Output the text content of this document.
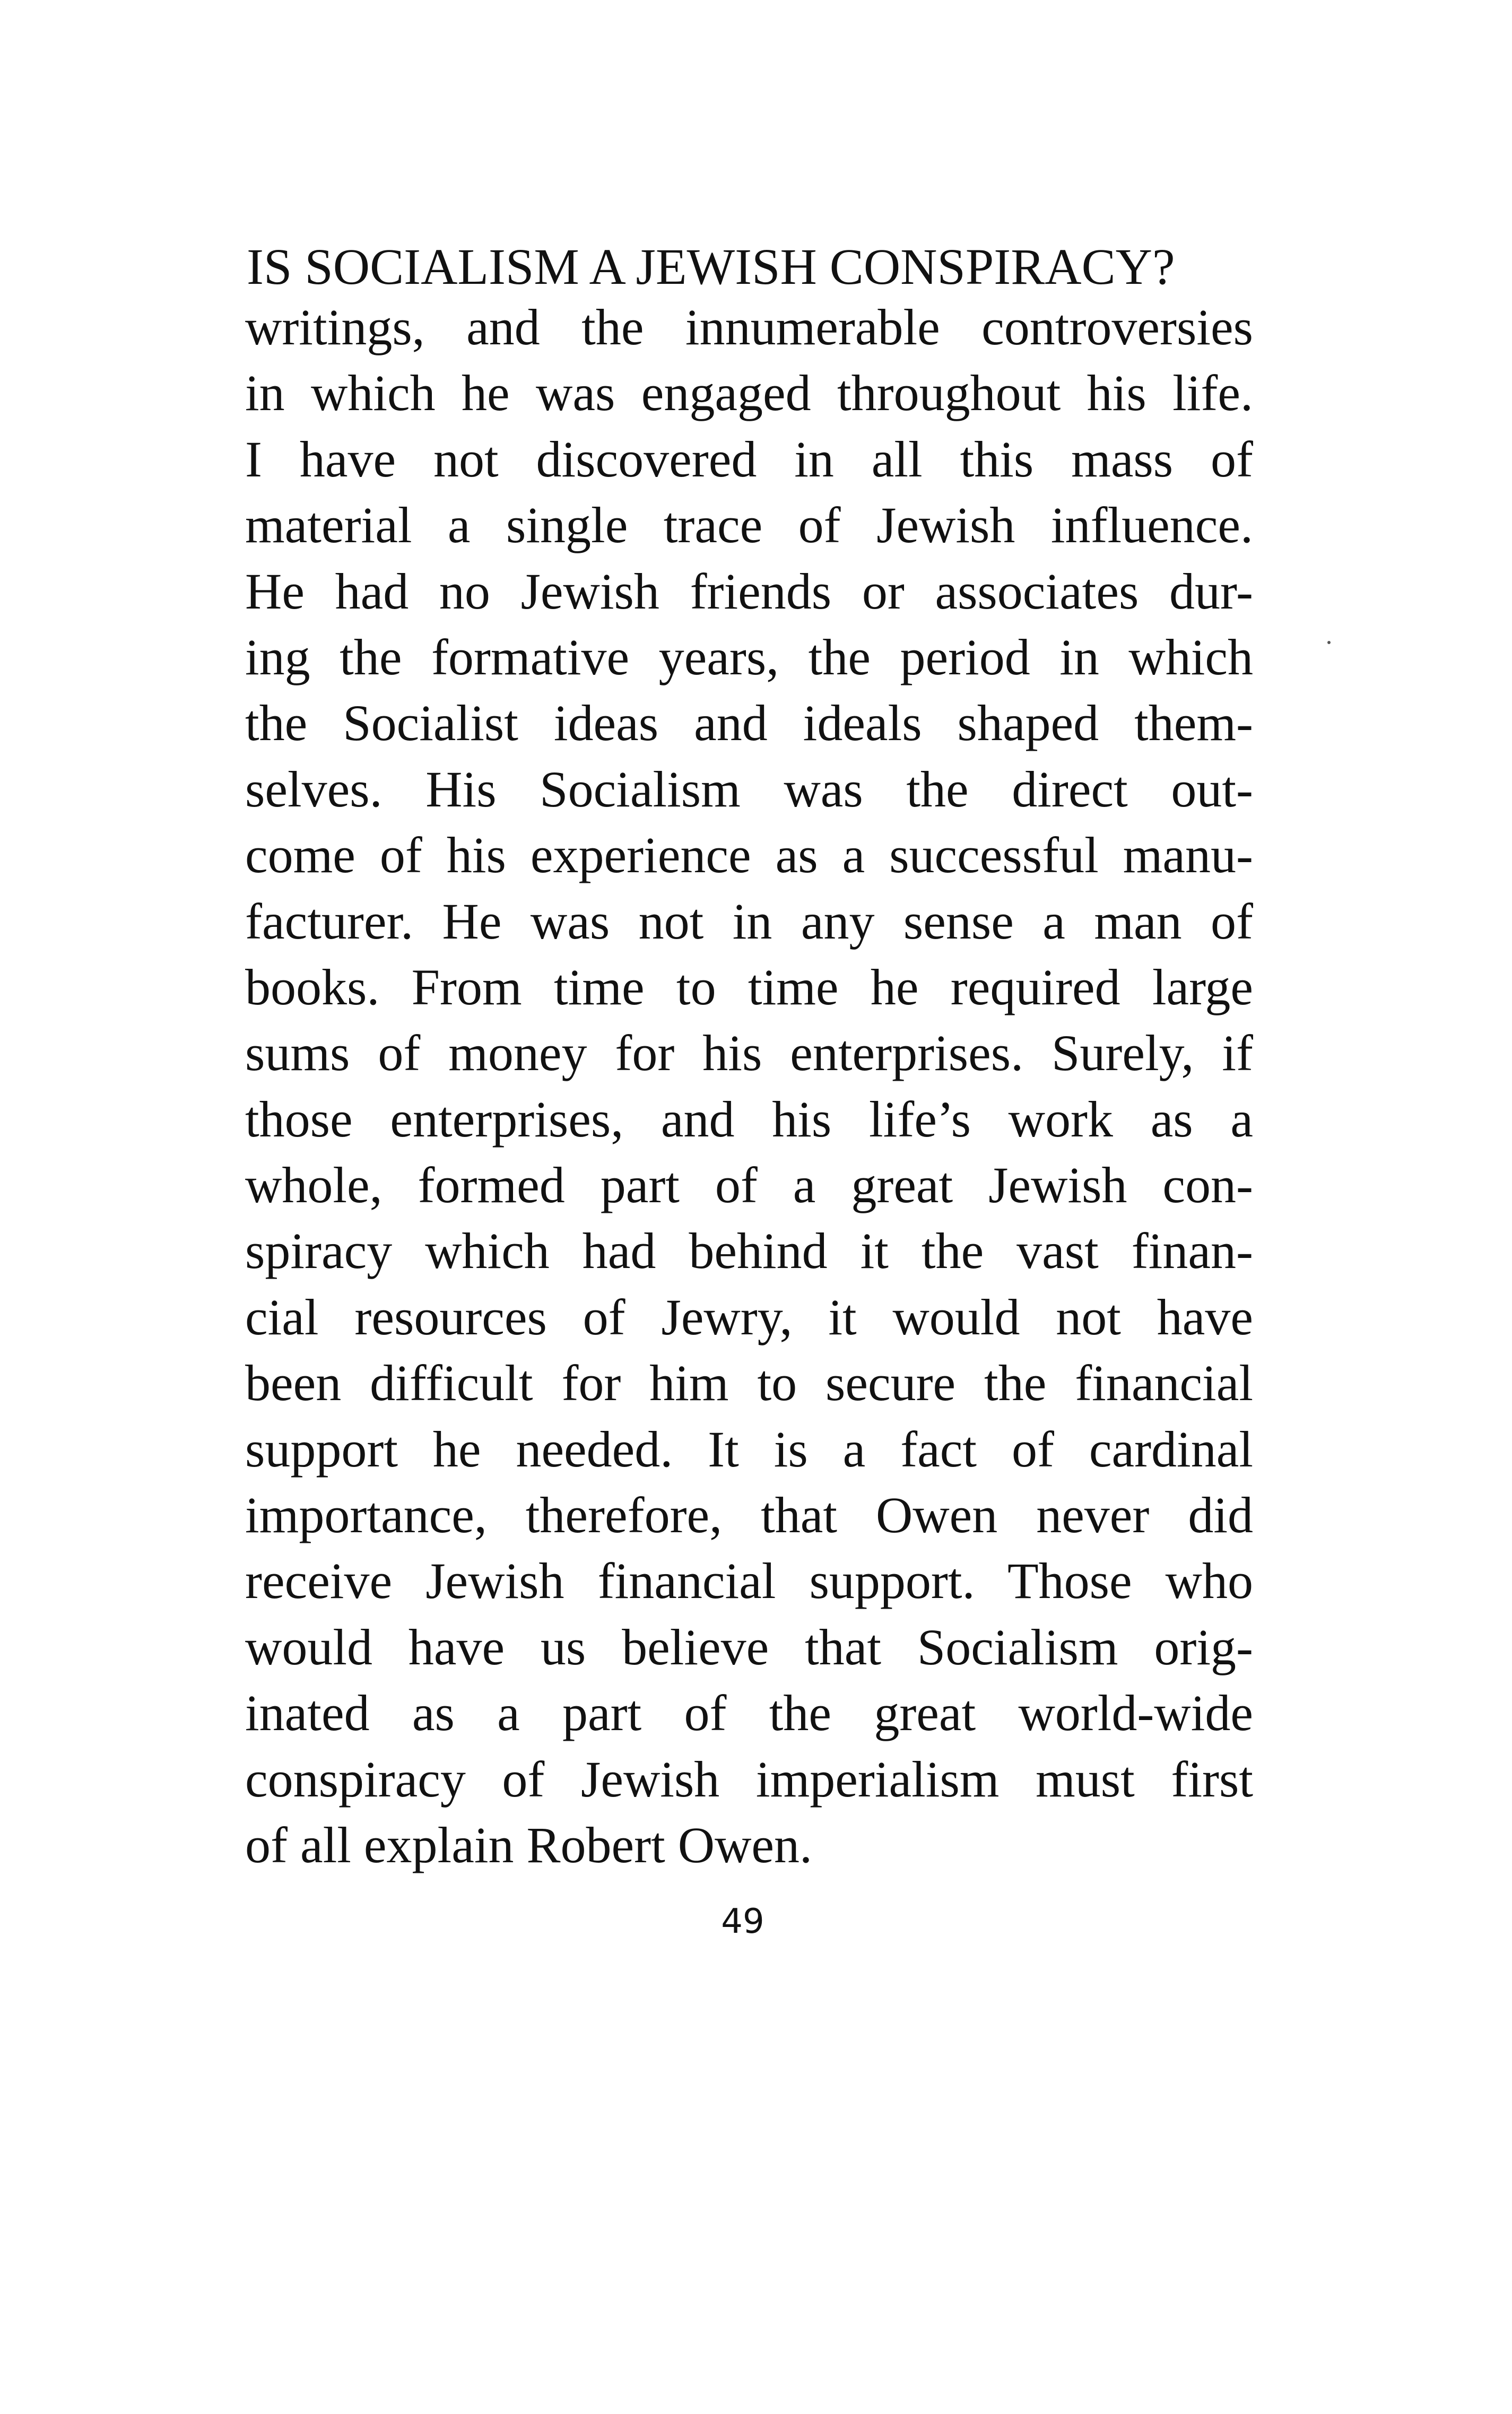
IS SOCIALISM A JEWISH CONSPIRACY?
writings, and the innumerable controversies
in which he was engaged throughout his life.
I have not discovered in all this mass of
material a single trace of Jewish influence.
He had no Jewish friends or associates dur-
ing the formative years, the period in which
the Socialist ideas and ideals shaped them-
selves. His Socialism was the direct out-
come of his experience as a successful manu-
facturer. He was not in any sense a man of
books. From time to time he required large
sums of money for his enterprises. Surely, if
those enterprises, and his life’s work as a
whole, formed part of a great Jewish con-
spiracy which had behind it the vast finan-
cial resources of Jewry, it would not have
been difficult for him to secure the financial
support he needed. It is a fact of cardinal
importance, therefore, that Owen never did
receive Jewish financial support. Those who
would have us believe that Socialism orig-
inated as a part of the great world-wide
conspiracy of Jewish imperialism must first
of all explain Robert Owen.
49
